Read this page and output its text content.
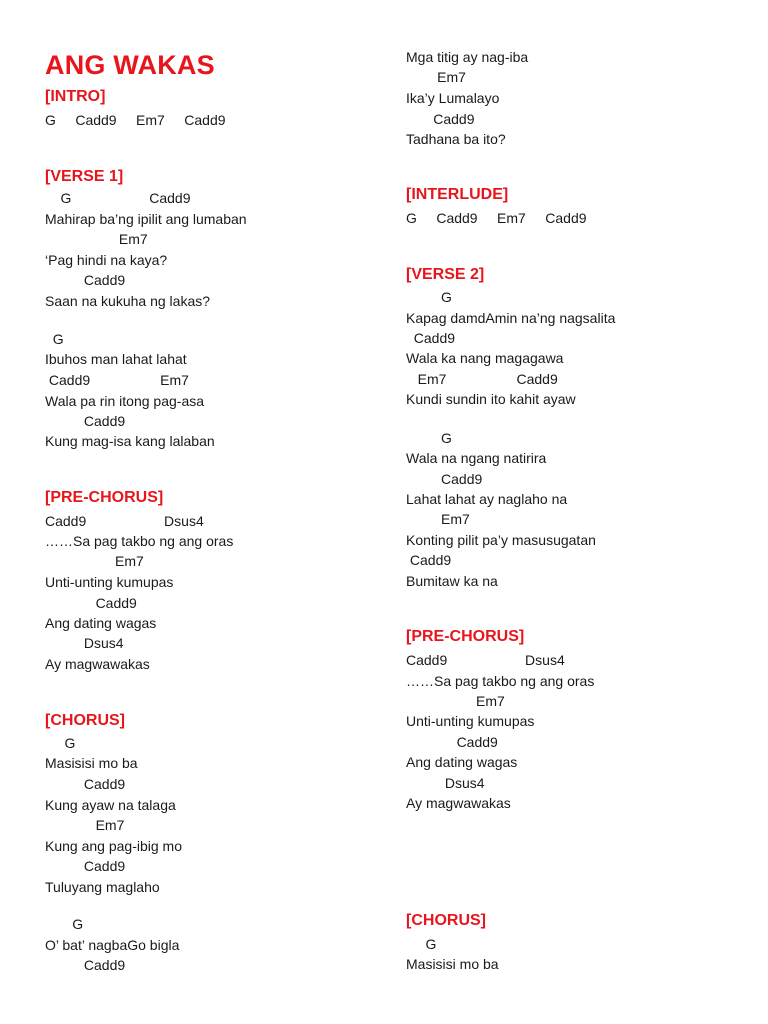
ANG WAKAS
[INTRO]
G     Cadd9     Em7     Cadd9
[VERSE 1]
G                    Cadd9
Mahirap ba’ng ipilit ang lumaban
Em7
‘Pag hindi na kaya?
Cadd9
Saan na kukuha ng lakas?
G
Ibuhos man lahat lahat
Cadd9                  Em7
Wala pa rin itong pag-asa
Cadd9
Kung mag-isa kang lalaban
[PRE-CHORUS]
Cadd9                    Dsus4
……Sa pag takbo ng ang oras
Em7
Unti-unting kumupas
Cadd9
Ang dating wagas
Dsus4
Ay magwawakas
[CHORUS]
G
Masisisi mo ba
Cadd9
Kung ayaw na talaga
Em7
Kung ang pag-ibig mo
Cadd9
Tuluyang maglaho
G
O’ bat’ nagbaGo bigla
Cadd9
Mga titig ay nag-iba
Em7
Ika’y Lumalayo
Cadd9
Tadhana ba ito?
[INTERLUDE]
G     Cadd9     Em7     Cadd9
[VERSE 2]
G
Kapag damdAmin na’ng nagsalita
Cadd9
Wala ka nang magagawa
Em7                  Cadd9
Kundi sundin ito kahit ayaw
G
Wala na ngang natirira
Cadd9
Lahat lahat ay naglaho na
Em7
Konting pilit pa’y masusugatan
Cadd9
Bumitaw ka na
[PRE-CHORUS]
Cadd9                    Dsus4
……Sa pag takbo ng ang oras
Em7
Unti-unting kumupas
Cadd9
Ang dating wagas
Dsus4
Ay magwawakas
[CHORUS]
G
Masisisi mo ba
